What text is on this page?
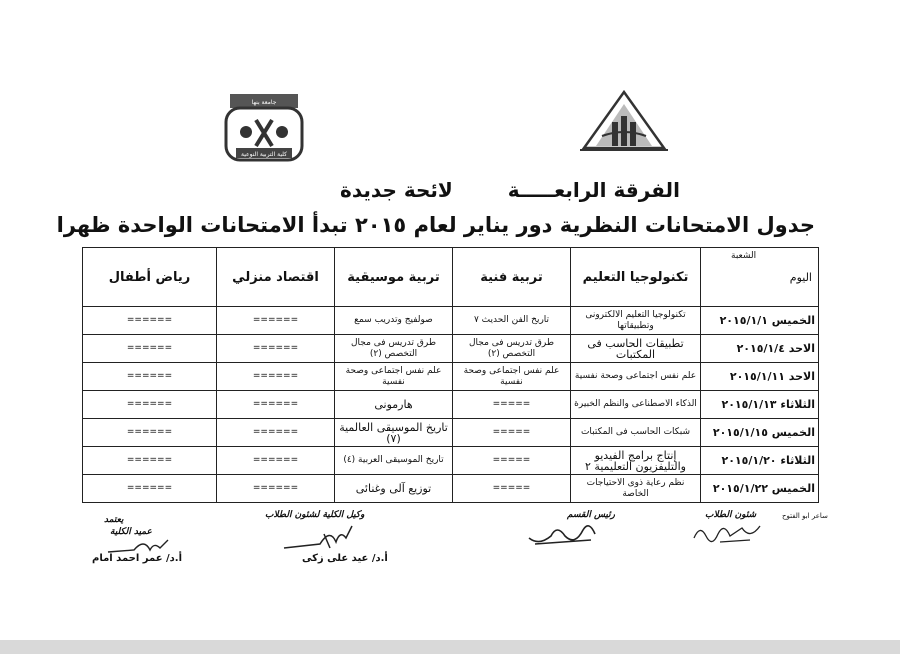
جامعة بنها
كلية التربية النوعية
الفرقة الرابعـــــة لائحة جديدة
جدول الامتحانات النظرية دور يناير لعام ٢٠١٥ تبدأ الامتحانات الواحدة ظهرا
الشعبة
اليوم	تكنولوجيا التعليم	تربية فنية	تربية موسيقية	اقتصاد منزلي	رياض أطفال
الخميس ٢٠١٥/١/١	تكنولوجيا التعليم الالكترونى وتطبيقاتها	تاريخ الفن الحديث ٧	صولفيج وتدريب سمع	======	======
الاحد ٢٠١٥/١/٤	تطبيقات الحاسب فى المكتبات	طرق تدريس فى مجال التخصص (٢)	طرق تدريس فى مجال التخصص (٢)	======	======
الاحد ٢٠١٥/١/١١	علم نفس اجتماعى وصحة نفسية	علم نفس اجتماعى وصحة نفسية	علم نفس اجتماعى وصحة نفسية	======	======
الثلاثاء ٢٠١٥/١/١٣	الذكاء الاصطناعى والنظم الخبيرة	=====	هارمونى	======	======
الخميس ٢٠١٥/١/١٥	شبكات الحاسب فى المكتبات	=====	تاريخ الموسيقى العالمية (٧)	======	======
الثلاثاء ٢٠١٥/١/٢٠	إنتاج برامج الفيديو والتليفزيون التعليمية ٢	=====	تاريخ الموسيقى العربية (٤)	======	======
الخميس ٢٠١٥/١/٢٢	نظم رعاية ذوى الاحتياجات الخاصة	=====	توزيع آلى وغنائى	======	======
ساعر ابو الفتوح
شئون الطلاب
رئيس القسم
وكيل الكلية لشئون الطلاب
يعتمد
عميد الكلية
أ.د/ عيد على زكى
أ.د/ عمر احمد امام
